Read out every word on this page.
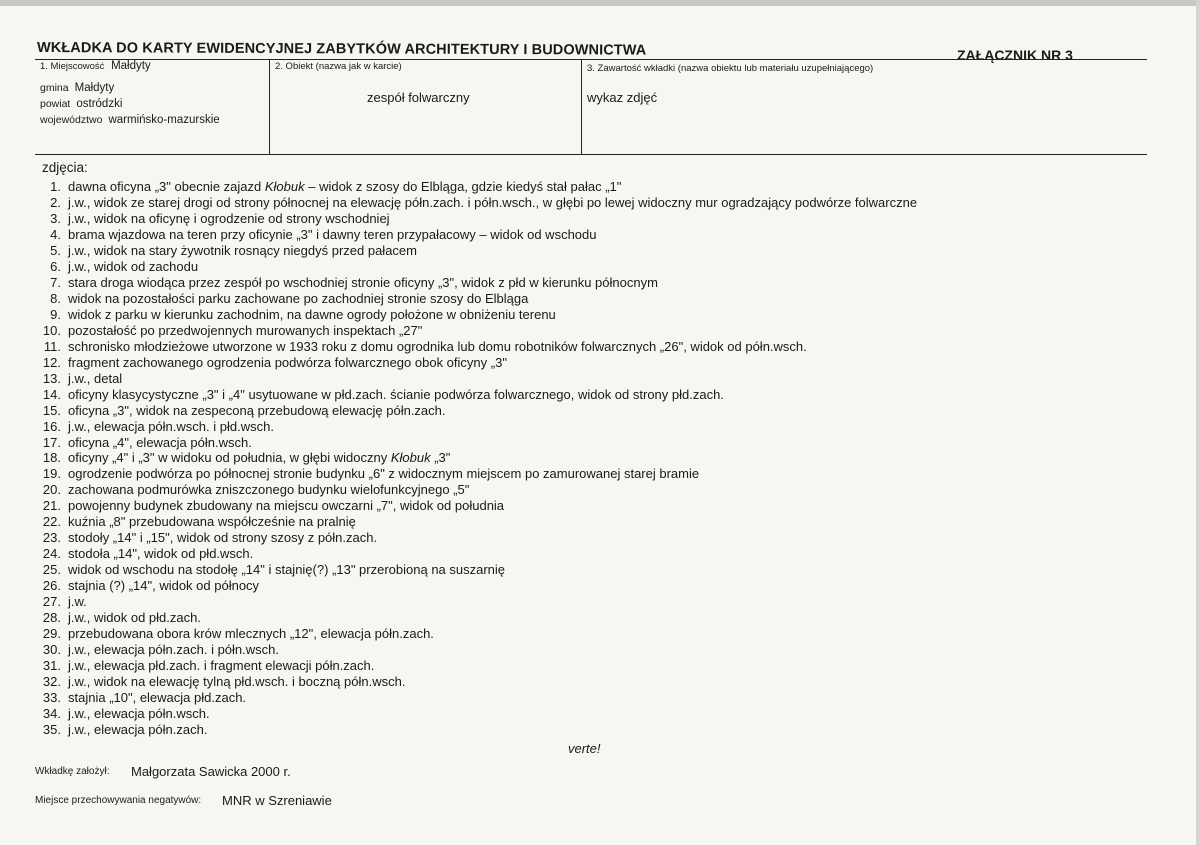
WKŁADKA DO KARTY EWIDENCYJNEJ ZABYTKÓW ARCHITEKTURY I BUDOWNICTWA	ZAŁĄCZNIK NR 3
1. Miejscowość Małdyty	2. Obiekt (nazwa jak w karcie)	3. Zawartość wkładki (nazwa obiektu lub materiału uzupełniającego)
gmina Małdyty
powiat ostródzki
województwo warmińsko-mazurskie
zespół folwarczny	wykaz zdjęć
zdjęcia:
1. dawna oficyna „3" obecnie zajazd Kłobuk – widok z szosy do Elbląga, gdzie kiedyś stał pałac „1"
2. j.w., widok ze starej drogi od strony północnej na elewację półn.zach. i półn.wsch., w głębi po lewej widoczny mur ogradzający podwórze folwarczne
3. j.w., widok na oficynę i ogrodzenie od strony wschodniej
4. brama wjazdowa na teren przy oficynie „3" i dawny teren przypałacowy – widok od wschodu
5. j.w., widok na stary żywotnik rosnący niegdyś przed pałacem
6. j.w., widok od zachodu
7. stara droga wiodąca przez zespół po wschodniej stronie oficyny „3", widok z płd w kierunku północnym
8. widok na pozostałości parku zachowane po zachodniej stronie szosy do Elbląga
9. widok z parku w kierunku zachodnim, na dawne ogrody położone w obniżeniu terenu
10. pozostałość po przedwojennych murowanych inspektach „27"
11. schronisko młodzieżowe utworzone w 1933 roku z domu ogrodnika lub domu robotników folwarcznych „26", widok od półn.wsch.
12. fragment zachowanego ogrodzenia podwórza folwarcznego obok oficyny „3"
13. j.w., detal
14. oficyny klasycystyczne „3" i „4" usytuowane w płd.zach. ścianie podwórza folwarcznego, widok od strony płd.zach.
15. oficyna „3", widok na zespeconą przebudową elewację półn.zach.
16. j.w., elewacja półn.wsch. i płd.wsch.
17. oficyna „4", elewacja półn.wsch.
18. oficyny „4" i „3" w widoku od południa, w głębi widoczny Kłobuk „3"
19. ogrodzenie podwórza po północnej stronie budynku „6" z widocznym miejscem po zamurowanej starej bramie
20. zachowana podmurówka zniszczonego budynku wielofunkcyjnego „5"
21. powojenny budynek zbudowany na miejscu owczarni „7", widok od południa
22. kuźnia „8" przebudowana współcześnie na pralnię
23. stodoły „14" i „15", widok od strony szosy z półn.zach.
24. stodoła „14", widok od płd.wsch.
25. widok od wschodu na stodołę „14" i stajnię(?) „13" przerobioną na suszarnię
26. stajnia (?) „14", widok od północy
27. j.w.
28. j.w., widok od płd.zach.
29. przebudowana obora krów mlecznych „12", elewacja półn.zach.
30. j.w., elewacja półn.zach. i półn.wsch.
31. j.w., elewacja płd.zach. i fragment elewacji półn.zach.
32. j.w., widok na elewację tylną płd.wsch. i boczną półn.wsch.
33. stajnia „10", elewacja płd.zach.
34. j.w., elewacja półn.wsch.
35. j.w., elewacja półn.zach.
verte!
Wkładkę założył: Małgorzata Sawicka 2000 r.
Miejsce przechowywania negatywów: MNR w Szreniawie
